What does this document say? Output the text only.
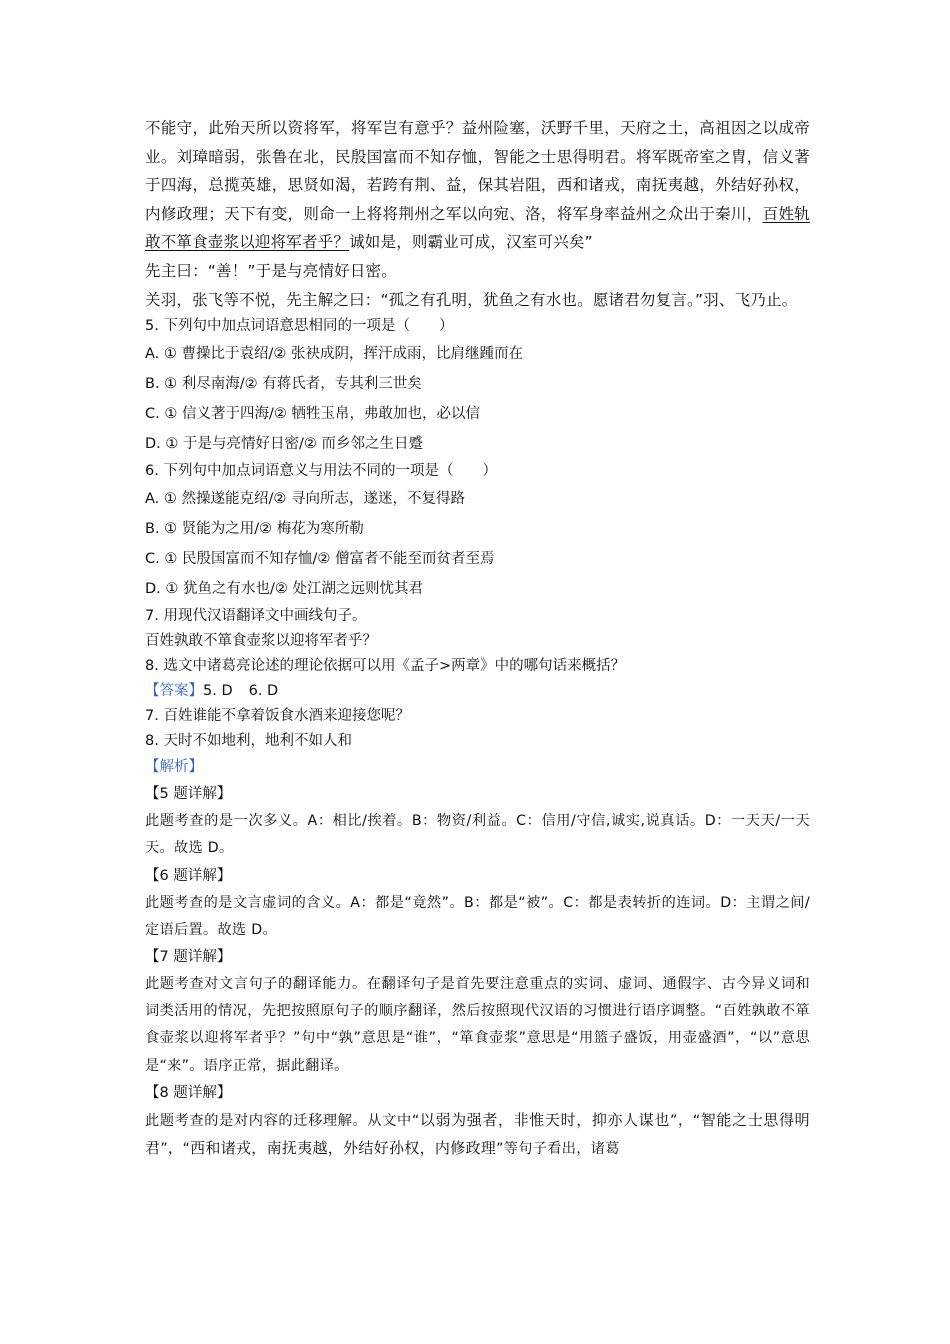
不能守，此殆天所以资将军，将军岂有意乎？益州险塞，沃野千里，天府之土，高祖因之以成帝业。刘璋暗弱，张鲁在北，民殷国富而不知存恤，智能之士思得明君。将军既帝室之胄，信义著于四海，总揽英雄，思贤如渴，若跨有荆、益，保其岩阻，西和诸戎，南抚夷越，外结好孙权，内修政理；天下有变，则命一上将将荆州之军以向宛、洛，将军身率益州之众出于秦川，百姓轨敢不箪食壶浆以迎将军者乎？诚如是，则霸业可成，汉室可兴矣”

先主曰：“善！”于是与亮情好日密。

关羽，张飞等不悦，先主解之曰：“孤之有孔明，犹鱼之有水也。愿诸君勿复言。”羽、飞乃止。

5. 下列句中加点词语意思相同的一项是（　　）

A. ① 曹操比于袁绍/② 张袂成阴，挥汗成雨，比肩继踵而在

B. ① 利尽南海/② 有蒋氏者，专其利三世矣

C. ① 信义著于四海/② 牺牲玉帛，弗敢加也，必以信

D. ① 于是与亮情好日密/② 而乡邻之生日蹙

6. 下列句中加点词语意义与用法不同的一项是（　　）

A. ① 然操遂能克绍/② 寻向所志，遂迷，不复得路

B. ① 贤能为之用/② 梅花为寒所勒

C. ① 民殷国富而不知存恤/② 僧富者不能至而贫者至焉

D. ① 犹鱼之有水也/② 处江湖之远则忧其君

7. 用现代汉语翻译文中画线句子。

百姓孰敢不箪食壶浆以迎将军者乎？

8. 选文中诸葛亮论述的理论依据可以用《孟子>两章》中的哪句话来概括？

【答案】5. D 6. D

7. 百姓谁能不拿着饭食水酒来迎接您呢？

8. 天时不如地利，地利不如人和

【解析】

【5 题详解】

此题考查的是一次多义。A：相比/挨着。B：物资/利益。C：信用/守信,诚实,说真话。D：一天天/一天天。故选 D。

【6 题详解】

此题考查的是文言虚词的含义。A：都是“竟然”。B：都是“被”。C：都是表转折的连词。D：主谓之间/定语后置。故选 D。

【7 题详解】

此题考查对文言句子的翻译能力。在翻译句子是首先要注意重点的实词、虚词、通假字、古今异义词和词类活用的情况，先把按照原句子的顺序翻译，然后按照现代汉语的习惯进行语序调整。“百姓孰敢不箪食壶浆以迎将军者乎？”句中“孰”意思是“谁”，“箪食壶浆”意思是“用篮子盛饭，用壶盛酒”，“以”意思是“来”。语序正常，据此翻译。

【8 题详解】

此题考查的是对内容的迁移理解。从文中“以弱为强者，非惟天时，抑亦人谋也”，“智能之士思得明君”，“西和诸戎，南抚夷越，外结好孙权，内修政理”等句子看出，诸葛
